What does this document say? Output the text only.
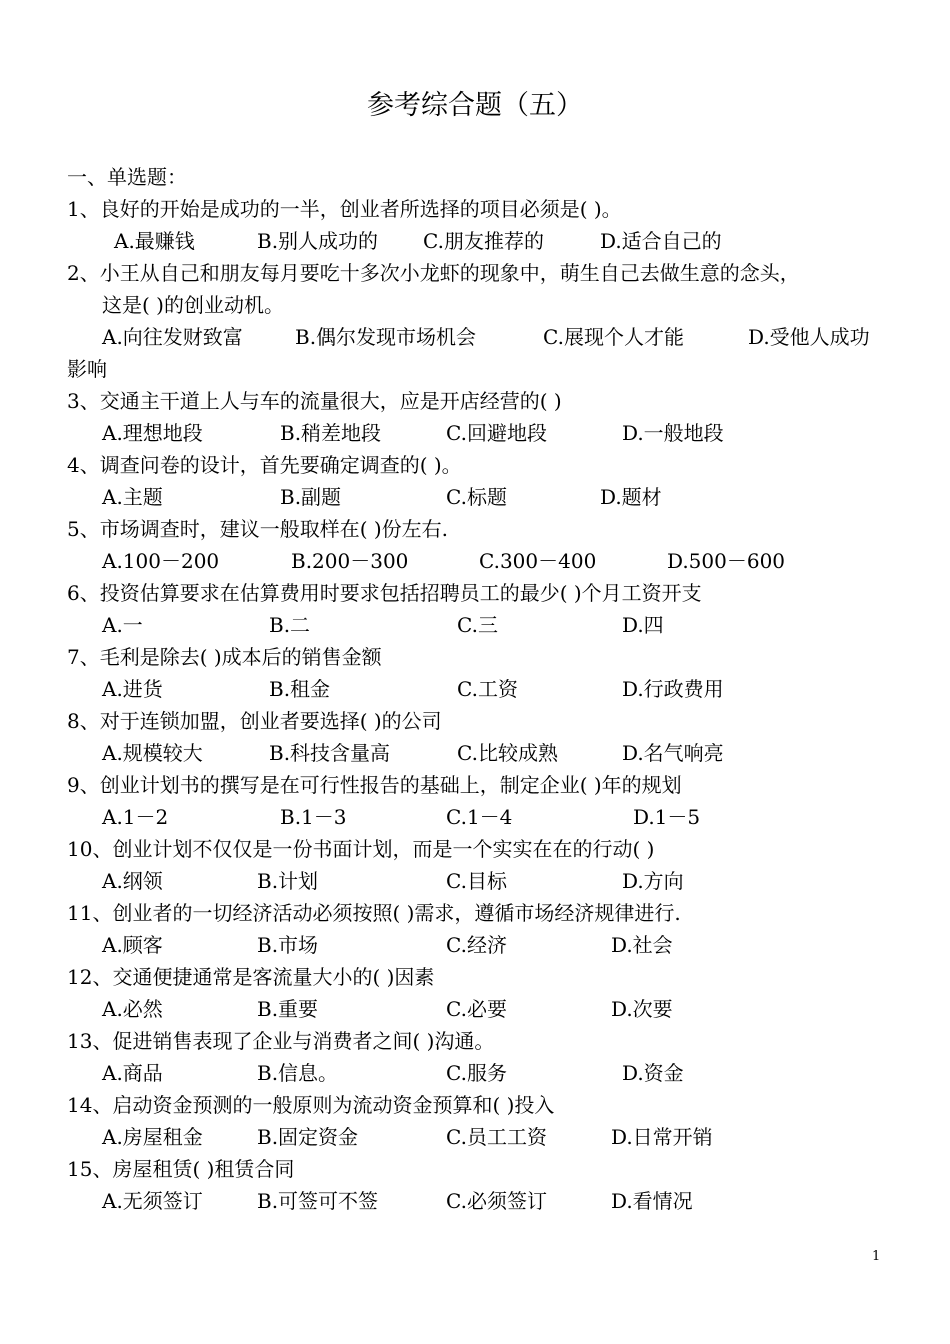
参考综合题（五）
一、单选题：
1、良好的开始是成功的一半，创业者所选择的项目必须是( )。
A.最赚钱	B.别人成功的 C.朋友推荐的	D.适合自己的
2、小王从自己和朋友每月要吃十多次小龙虾的现象中，萌生自己去做生意的念头，
这是( )的创业动机。
A.向往发财致富	B.偶尔发现市场机会	C.展现个人才能	D.受他人成功
影响
3、交通主干道上人与车的流量很大，应是开店经营的( )
A.理想地段	B.稍差地段	C.回避地段	D.一般地段
4、调查问卷的设计，首先要确定调查的( )。
A.主题	B.副题	C.标题	D.题材
5、市场调查时，建议一般取样在( )份左右.
A.100－200	B.200－300	C.300－400	D.500－600
6、投资估算要求在估算费用时要求包括招聘员工的最少( )个月工资开支
A.一	B.二	C.三	D.四
7、毛利是除去( )成本后的销售金额
A.进货	B.租金	C.工资	D.行政费用
8、对于连锁加盟，创业者要选择( )的公司
A.规模较大	B.科技含量高	C.比较成熟	D.名气响亮
9、创业计划书的撰写是在可行性报告的基础上，制定企业( )年的规划
A.1－2	B.1－3	C.1－4	D.1－5
10、创业计划不仅仅是一份书面计划，而是一个实实在在的行动( )
A.纲领	B.计划	C.目标	D.方向
11、创业者的一切经济活动必须按照( )需求，遵循市场经济规律进行.
A.顾客	B.市场	C.经济	D.社会
12、交通便捷通常是客流量大小的( )因素
A.必然	B.重要	C.必要	D.次要
13、促进销售表现了企业与消费者之间( )沟通。
A.商品	B.信息。	C.服务	D.资金
14、启动资金预测的一般原则为流动资金预算和( )投入
A.房屋租金	B.固定资金	C.员工工资	D.日常开销
15、房屋租赁( )租赁合同
A.无须签订	B.可签可不签	C.必须签订	D.看情况
1
